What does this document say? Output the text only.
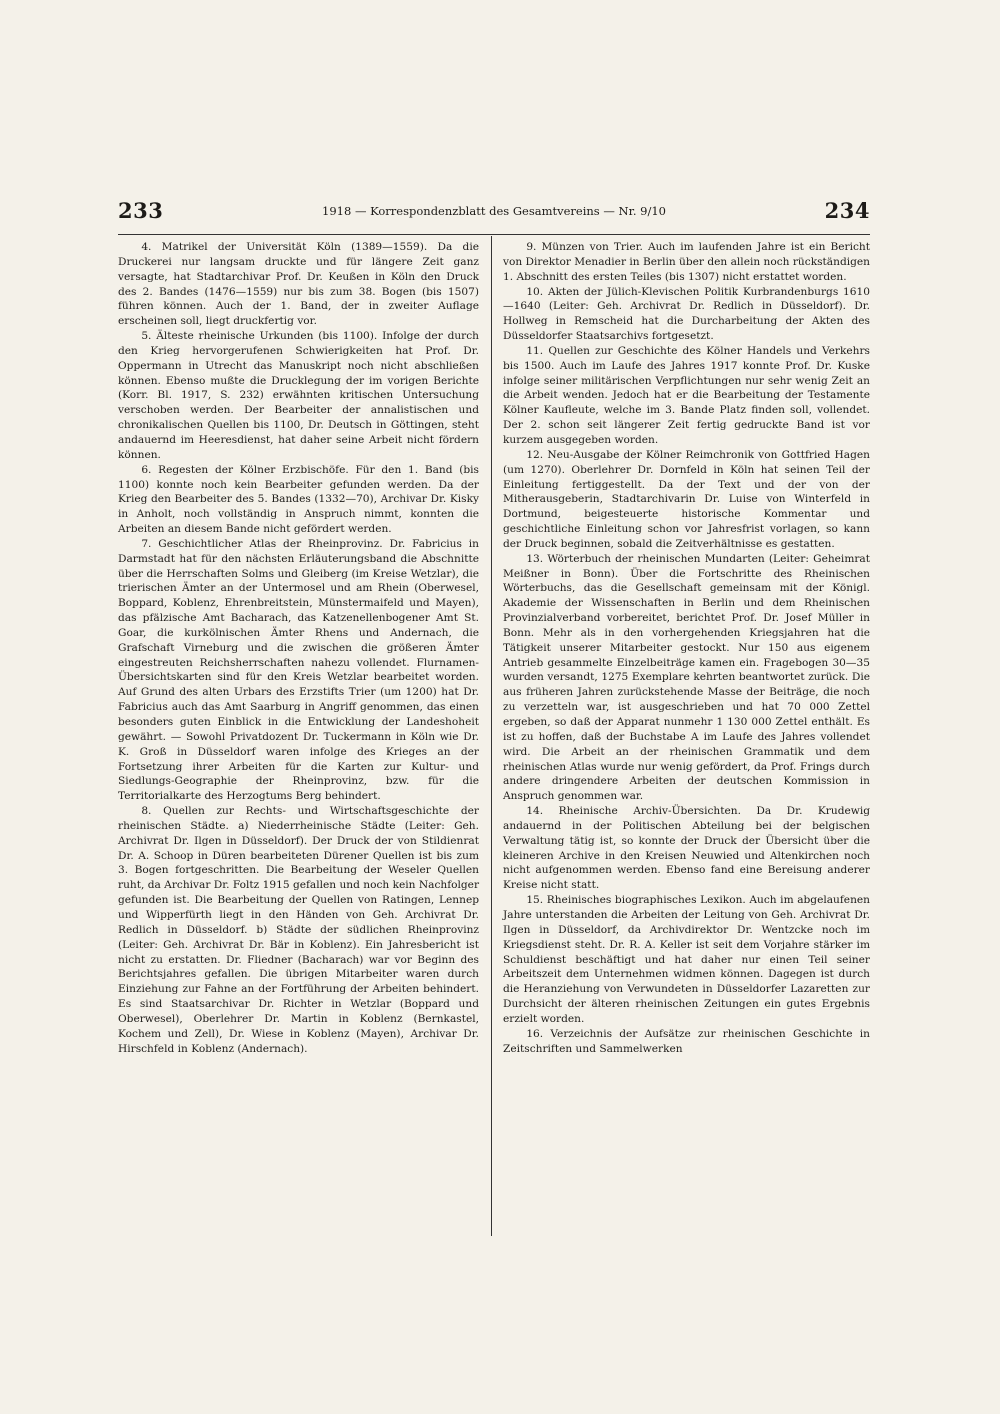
233	1918 — Korrespondenzblatt des Gesamtvereins — Nr. 9/10	234

4. Matrikel der Universität Köln (1389—1559). Da die Druckerei nur langsam druckte und für längere Zeit ganz versagte, hat Stadtarchivar Prof. Dr. Keußen in Köln den Druck des 2. Bandes (1476—1559) nur bis zum 38. Bogen (bis 1507) führen können. Auch der 1. Band, der in zweiter Auflage erscheinen soll, liegt druckfertig vor.

5. Älteste rheinische Urkunden (bis 1100). Infolge der durch den Krieg hervorgerufenen Schwierigkeiten hat Prof. Dr. Oppermann in Utrecht das Manuskript noch nicht abschließen können. Ebenso mußte die Drucklegung der im vorigen Berichte (Korr. Bl. 1917, S. 232) erwähnten kritischen Untersuchung verschoben werden. Der Bearbeiter der annalistischen und chronikalischen Quellen bis 1100, Dr. Deutsch in Göttingen, steht andauernd im Heeresdienst, hat daher seine Arbeit nicht fördern können.

6. Regesten der Kölner Erzbischöfe. Für den 1. Band (bis 1100) konnte noch kein Bearbeiter gefunden werden. Da der Krieg den Bearbeiter des 5. Bandes (1332—70), Archivar Dr. Kisky in Anholt, noch vollständig in Anspruch nimmt, konnten die Arbeiten an diesem Bande nicht gefördert werden.

7. Geschichtlicher Atlas der Rheinprovinz. Dr. Fabricius in Darmstadt hat für den nächsten Erläuterungsband die Abschnitte über die Herrschaften Solms und Gleiberg (im Kreise Wetzlar), die trierischen Ämter an der Untermosel und am Rhein (Oberwesel, Boppard, Koblenz, Ehrenbreitstein, Münstermaifeld und Mayen), das pfälzische Amt Bacharach, das Katzenellenbogener Amt St. Goar, die kurkölnischen Ämter Rhens und Andernach, die Grafschaft Virneburg und die zwischen die größeren Ämter eingestreuten Reichsherrschaften nahezu vollendet. Flurnamen-Übersichtskarten sind für den Kreis Wetzlar bearbeitet worden. Auf Grund des alten Urbars des Erzstifts Trier (um 1200) hat Dr. Fabricius auch das Amt Saarburg in Angriff genommen, das einen besonders guten Einblick in die Entwicklung der Landeshoheit gewährt. — Sowohl Privatdozent Dr. Tuckermann in Köln wie Dr. K. Groß in Düsseldorf waren infolge des Krieges an der Fortsetzung ihrer Arbeiten für die Karten zur Kultur- und Siedlungs-Geographie der Rheinprovinz, bzw. für die Territorialkarte des Herzogtums Berg behindert.

8. Quellen zur Rechts- und Wirtschaftsgeschichte der rheinischen Städte. a) Niederrheinische Städte (Leiter: Geh. Archivrat Dr. Ilgen in Düsseldorf). Der Druck der von Stildienrat Dr. A. Schoop in Düren bearbeiteten Dürener Quellen ist bis zum 3. Bogen fortgeschritten. Die Bearbeitung der Weseler Quellen ruht, da Archivar Dr. Foltz 1915 gefallen und noch kein Nachfolger gefunden ist. Die Bearbeitung der Quellen von Ratingen, Lennep und Wipperfürth liegt in den Händen von Geh. Archivrat Dr. Redlich in Düsseldorf. b) Städte der südlichen Rheinprovinz (Leiter: Geh. Archivrat Dr. Bär in Koblenz). Ein Jahresbericht ist nicht zu erstatten. Dr. Fliedner (Bacharach) war vor Beginn des Berichtsjahres gefallen. Die übrigen Mitarbeiter waren durch Einziehung zur Fahne an der Fortführung der Arbeiten behindert. Es sind Staatsarchivar Dr. Richter in Wetzlar (Boppard und Oberwesel), Oberlehrer Dr. Martin in Koblenz (Bernkastel, Kochem und Zell), Dr. Wiese in Koblenz (Mayen), Archivar Dr. Hirschfeld in Koblenz (Andernach).

9. Münzen von Trier. Auch im laufenden Jahre ist ein Bericht von Direktor Menadier in Berlin über den allein noch rückständigen 1. Abschnitt des ersten Teiles (bis 1307) nicht erstattet worden.

10. Akten der Jülich-Klevischen Politik Kurbrandenburgs 1610—1640 (Leiter: Geh. Archivrat Dr. Redlich in Düsseldorf). Dr. Hollweg in Remscheid hat die Durcharbeitung der Akten des Düsseldorfer Staatsarchivs fortgesetzt.

11. Quellen zur Geschichte des Kölner Handels und Verkehrs bis 1500. Auch im Laufe des Jahres 1917 konnte Prof. Dr. Kuske infolge seiner militärischen Verpflichtungen nur sehr wenig Zeit an die Arbeit wenden. Jedoch hat er die Bearbeitung der Testamente Kölner Kaufleute, welche im 3. Bande Platz finden soll, vollendet. Der 2. schon seit längerer Zeit fertig gedruckte Band ist vor kurzem ausgegeben worden.

12. Neu-Ausgabe der Kölner Reimchronik von Gottfried Hagen (um 1270). Oberlehrer Dr. Dornfeld in Köln hat seinen Teil der Einleitung fertiggestellt. Da der Text und der von der Mitherausgeberin, Stadtarchivarin Dr. Luise von Winterfeld in Dortmund, beigesteuerte historische Kommentar und geschichtliche Einleitung schon vor Jahresfrist vorlagen, so kann der Druck beginnen, sobald die Zeitverhältnisse es gestatten.

13. Wörterbuch der rheinischen Mundarten (Leiter: Geheimrat Meißner in Bonn). Über die Fortschritte des Rheinischen Wörterbuchs, das die Gesellschaft gemeinsam mit der Königl. Akademie der Wissenschaften in Berlin und dem Rheinischen Provinzialverband vorbereitet, berichtet Prof. Dr. Josef Müller in Bonn. Mehr als in den vorhergehenden Kriegsjahren hat die Tätigkeit unserer Mitarbeiter gestockt. Nur 150 aus eigenem Antrieb gesammelte Einzelbeiträge kamen ein. Fragebogen 30—35 wurden versandt, 1275 Exemplare kehrten beantwortet zurück. Die aus früheren Jahren zurückstehende Masse der Beiträge, die noch zu verzetteln war, ist ausgeschrieben und hat 70 000 Zettel ergeben, so daß der Apparat nunmehr 1 130 000 Zettel enthält. Es ist zu hoffen, daß der Buchstabe A im Laufe des Jahres vollendet wird. Die Arbeit an der rheinischen Grammatik und dem rheinischen Atlas wurde nur wenig gefördert, da Prof. Frings durch andere dringendere Arbeiten der deutschen Kommission in Anspruch genommen war.

14. Rheinische Archiv-Übersichten. Da Dr. Krudewig andauernd in der Politischen Abteilung bei der belgischen Verwaltung tätig ist, so konnte der Druck der Übersicht über die kleineren Archive in den Kreisen Neuwied und Altenkirchen noch nicht aufgenommen werden. Ebenso fand eine Bereisung anderer Kreise nicht statt.

15. Rheinisches biographisches Lexikon. Auch im abgelaufenen Jahre unterstanden die Arbeiten der Leitung von Geh. Archivrat Dr. Ilgen in Düsseldorf, da Archivdirektor Dr. Wentzcke noch im Kriegsdienst steht. Dr. R. A. Keller ist seit dem Vorjahre stärker im Schuldienst beschäftigt und hat daher nur einen Teil seiner Arbeitszeit dem Unternehmen widmen können. Dagegen ist durch die Heranziehung von Verwundeten in Düsseldorfer Lazaretten zur Durchsicht der älteren rheinischen Zeitungen ein gutes Ergebnis erzielt worden.

16. Verzeichnis der Aufsätze zur rheinischen Geschichte in Zeitschriften und Sammelwerken
